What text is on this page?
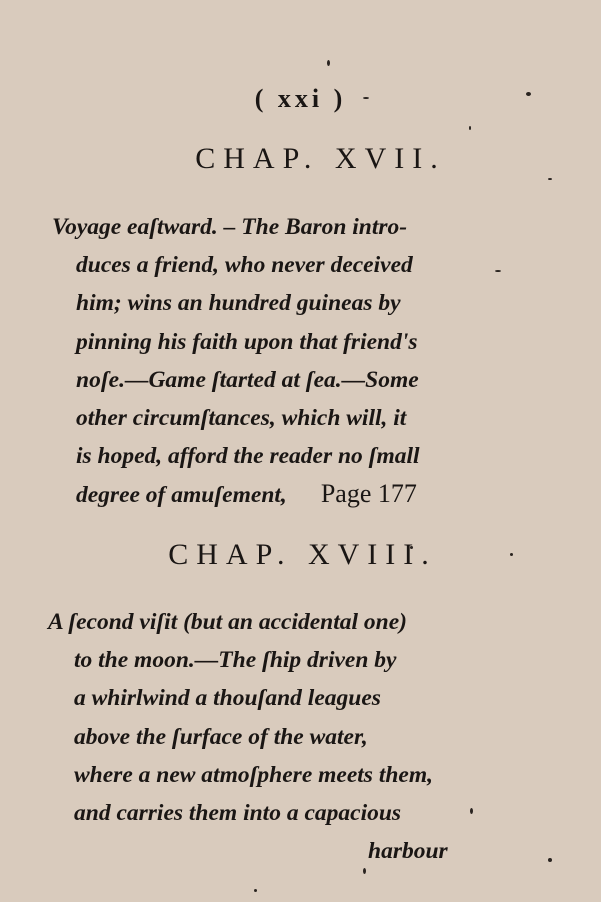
( xxi )
CHAP. XVII.
Voyage eaſtward. – The Baron intro-
duces a friend, who never deceived
him; wins an hundred guineas by
pinning his faith upon that friend's
noſe.—Game ſtarted at ſea.—Some
other circumſtances, which will, it
is hoped, afford the reader no ſmall
degree of amuſement, Page 177
CHAP. XVIII.
A ſecond viſit (but an accidental one)
to the moon.—The ſhip driven by
a whirlwind a thouſand leagues
above the ſurface of the water,
where a new atmoſphere meets them,
and carries them into a capacious
harbour
